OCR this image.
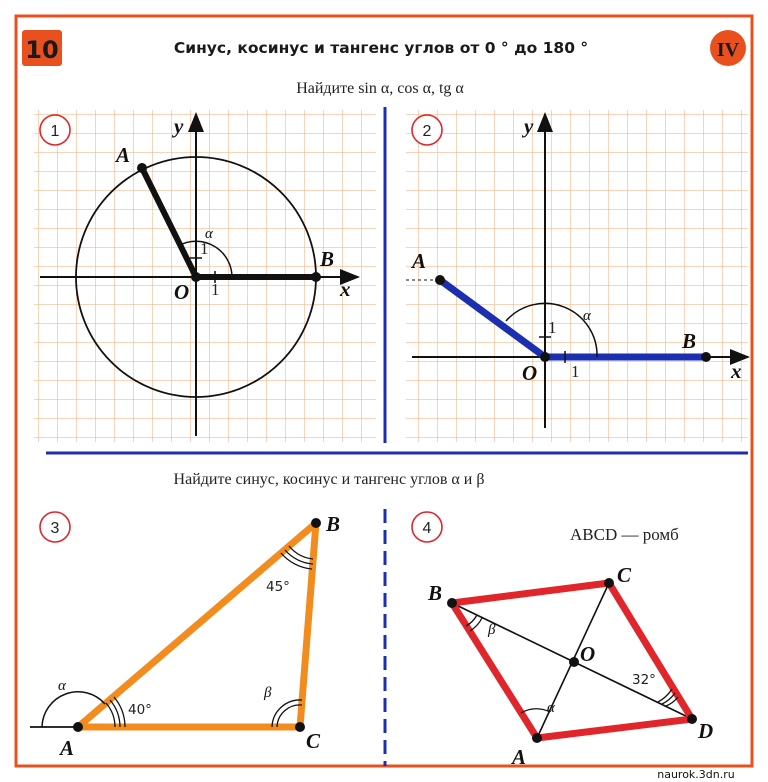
10	Синус, косинус и тангенс углов от 0 ° до 180 °	IV
Найдите sin α, cos α, tg α
1
A
B
O
y
x
1
1
α
2
A
B
O
y
x
1
1
α
Найдите синус, косинус и тангенс углов α и β
3
A
B
C
α	β
40°
45°
4	ABCD — ромб
A
B
C
D
O
α
β
32°
naurok.3dn.ru
